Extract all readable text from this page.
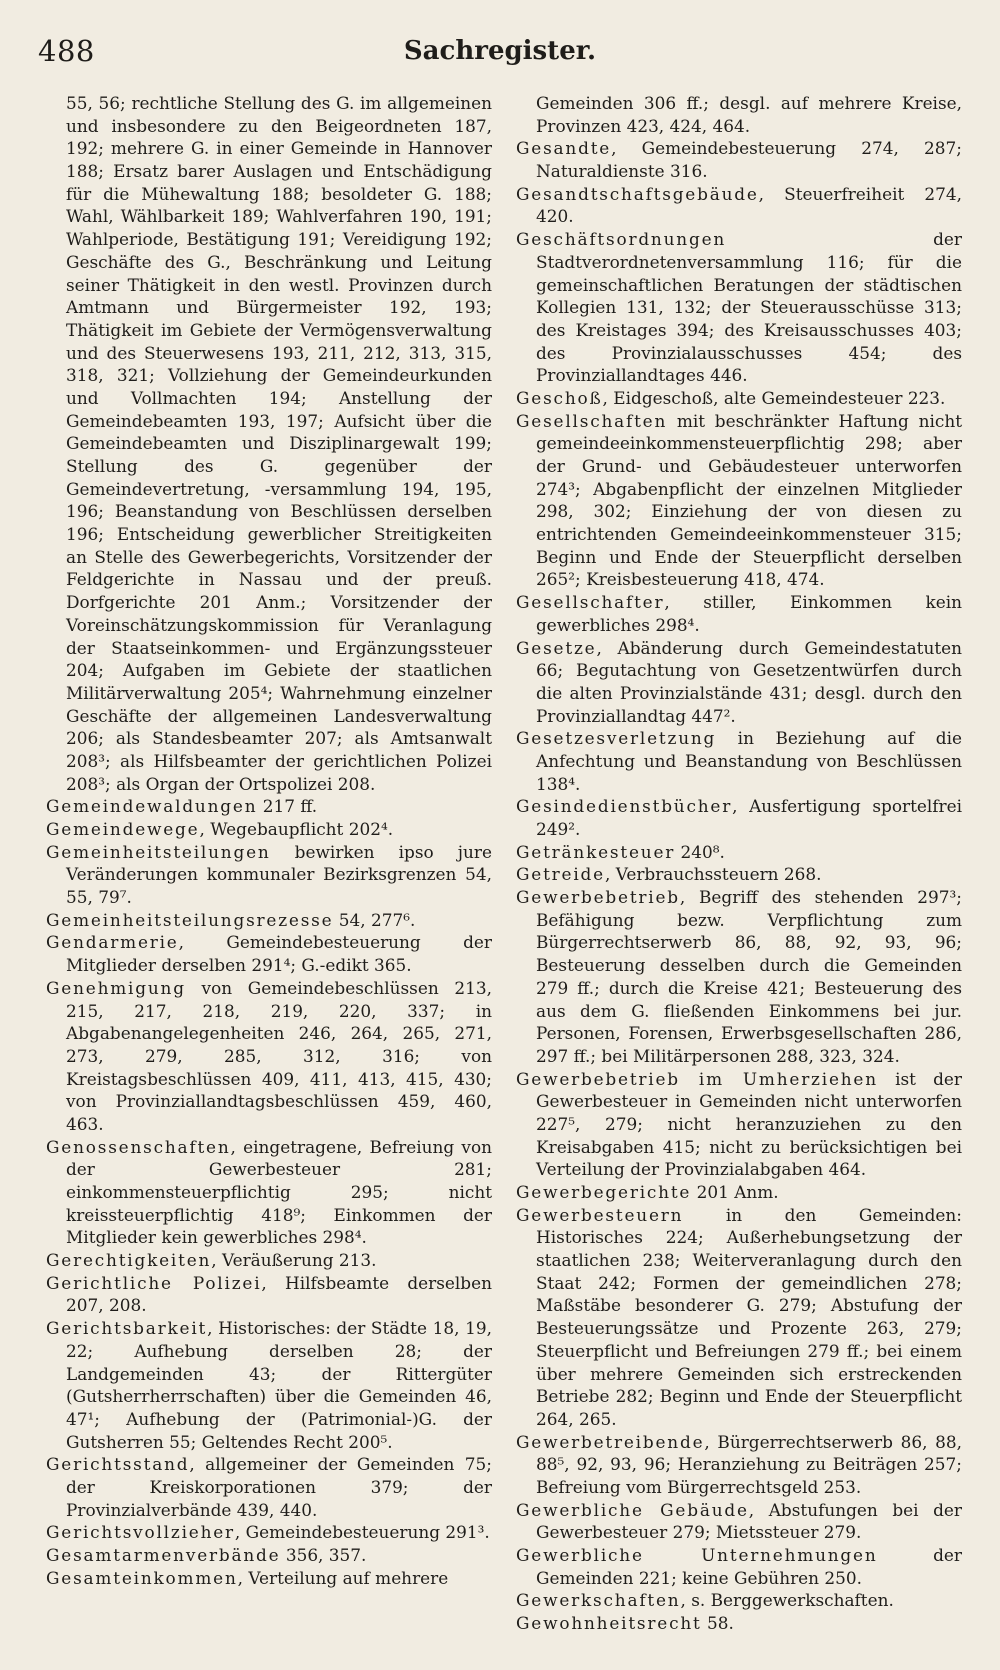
488	Sachregister.

55, 56; rechtliche Stellung des G. im allgemeinen und insbesondere zu den Beigeordneten 187, 192; mehrere G. in einer Gemeinde in Hannover 188; Ersatz barer Auslagen und Entschädigung für die Mühewaltung 188; besoldeter G. 188; Wahl, Wählbarkeit 189; Wahlverfahren 190, 191; Wahlperiode, Bestätigung 191; Vereidigung 192; Geschäfte des G., Beschränkung und Leitung seiner Thätigkeit in den westl. Provinzen durch Amtmann und Bürgermeister 192, 193; Thätigkeit im Gebiete der Vermögensverwaltung und des Steuerwesens 193, 211, 212, 313, 315, 318, 321; Vollziehung der Gemeindeurkunden und Vollmachten 194; Anstellung der Gemeindebeamten 193, 197; Aufsicht über die Gemeindebeamten und Disziplinargewalt 199; Stellung des G. gegenüber der Gemeindevertretung, -versammlung 194, 195, 196; Beanstandung von Beschlüssen derselben 196; Entscheidung gewerblicher Streitigkeiten an Stelle des Gewerbegerichts, Vorsitzender der Feldgerichte in Nassau und der preuß. Dorfgerichte 201 Anm.; Vorsitzender der Voreinschätzungskommission für Veranlagung der Staatseinkommen- und Ergänzungssteuer 204; Aufgaben im Gebiete der staatlichen Militärverwaltung 205⁴; Wahrnehmung einzelner Geschäfte der allgemeinen Landesverwaltung 206; als Standesbeamter 207; als Amtsanwalt 208³; als Hilfsbeamter der gerichtlichen Polizei 208³; als Organ der Ortspolizei 208.

Gemeindewaldungen 217 ff.

Gemeindewege, Wegebaupflicht 202⁴.

Gemeinheitsteilungen bewirken ipso jure Veränderungen kommunaler Bezirksgrenzen 54, 55, 79⁷.

Gemeinheitsteilungsrezesse 54, 277⁶.

Gendarmerie, Gemeindebesteuerung der Mitglieder derselben 291⁴; G.-edikt 365.

Genehmigung von Gemeindebeschlüssen 213, 215, 217, 218, 219, 220, 337; in Abgabenangelegenheiten 246, 264, 265, 271, 273, 279, 285, 312, 316; von Kreistagsbeschlüssen 409, 411, 413, 415, 430; von Provinziallandtagsbeschlüssen 459, 460, 463.

Genossenschaften, eingetragene, Befreiung von der Gewerbesteuer 281; einkommensteuerpflichtig 295; nicht kreissteuerpflichtig 418⁹; Einkommen der Mitglieder kein gewerbliches 298⁴.

Gerechtigkeiten, Veräußerung 213.

Gerichtliche Polizei, Hilfsbeamte derselben 207, 208.

Gerichtsbarkeit, Historisches: der Städte 18, 19, 22; Aufhebung derselben 28; der Landgemeinden 43; der Rittergüter (Gutsherrherrschaften) über die Gemeinden 46, 47¹; Aufhebung der (Patrimonial-)G. der Gutsherren 55; Geltendes Recht 200⁵.

Gerichtsstand, allgemeiner der Gemeinden 75; der Kreiskorporationen 379; der Provinzialverbände 439, 440.

Gerichtsvollzieher, Gemeindebesteuerung 291³.

Gesamtarmenverbände 356, 357.

Gesamteinkommen, Verteilung auf mehrere

Gemeinden 306 ff.; desgl. auf mehrere Kreise, Provinzen 423, 424, 464.

Gesandte, Gemeindebesteuerung 274, 287; Naturaldienste 316.

Gesandtschaftsgebäude, Steuerfreiheit 274, 420.

Geschäftsordnungen der Stadtverordnetenversammlung 116; für die gemeinschaftlichen Beratungen der städtischen Kollegien 131, 132; der Steuerausschüsse 313; des Kreistages 394; des Kreisausschusses 403; des Provinzialausschusses 454; des Provinziallandtages 446.

Geschoß, Eidgeschoß, alte Gemeindesteuer 223.

Gesellschaften mit beschränkter Haftung nicht gemeindeeinkommensteuerpflichtig 298; aber der Grund- und Gebäudesteuer unterworfen 274³; Abgabenpflicht der einzelnen Mitglieder 298, 302; Einziehung der von diesen zu entrichtenden Gemeindeeinkommensteuer 315; Beginn und Ende der Steuerpflicht derselben 265²; Kreisbesteuerung 418, 474.

Gesellschafter, stiller, Einkommen kein gewerbliches 298⁴.

Gesetze, Abänderung durch Gemeindestatuten 66; Begutachtung von Gesetzentwürfen durch die alten Provinzialstände 431; desgl. durch den Provinziallandtag 447².

Gesetzesverletzung in Beziehung auf die Anfechtung und Beanstandung von Beschlüssen 138⁴.

Gesindedienstbücher, Ausfertigung sportelfrei 249².

Getränkesteuer 240⁸.

Getreide, Verbrauchssteuern 268.

Gewerbebetrieb, Begriff des stehenden 297³; Befähigung bezw. Verpflichtung zum Bürgerrechtserwerb 86, 88, 92, 93, 96; Besteuerung desselben durch die Gemeinden 279 ff.; durch die Kreise 421; Besteuerung des aus dem G. fließenden Einkommens bei jur. Personen, Forensen, Erwerbsgesellschaften 286, 297 ff.; bei Militärpersonen 288, 323, 324.

Gewerbebetrieb im Umherziehen ist der Gewerbesteuer in Gemeinden nicht unterworfen 227⁵, 279; nicht heranzuziehen zu den Kreisabgaben 415; nicht zu berücksichtigen bei Verteilung der Provinzialabgaben 464.

Gewerbegerichte 201 Anm.

Gewerbesteuern in den Gemeinden: Historisches 224; Außerhebungsetzung der staatlichen 238; Weiterveranlagung durch den Staat 242; Formen der gemeindlichen 278; Maßstäbe besonderer G. 279; Abstufung der Besteuerungssätze und Prozente 263, 279; Steuerpflicht und Befreiungen 279 ff.; bei einem über mehrere Gemeinden sich erstreckenden Betriebe 282; Beginn und Ende der Steuerpflicht 264, 265.

Gewerbetreibende, Bürgerrechtserwerb 86, 88, 88⁵, 92, 93, 96; Heranziehung zu Beiträgen 257; Befreiung vom Bürgerrechtsgeld 253.

Gewerbliche Gebäude, Abstufungen bei der Gewerbesteuer 279; Mietssteuer 279.

Gewerbliche Unternehmungen der Gemeinden 221; keine Gebühren 250.

Gewerkschaften, s. Berggewerkschaften.

Gewohnheitsrecht 58.
